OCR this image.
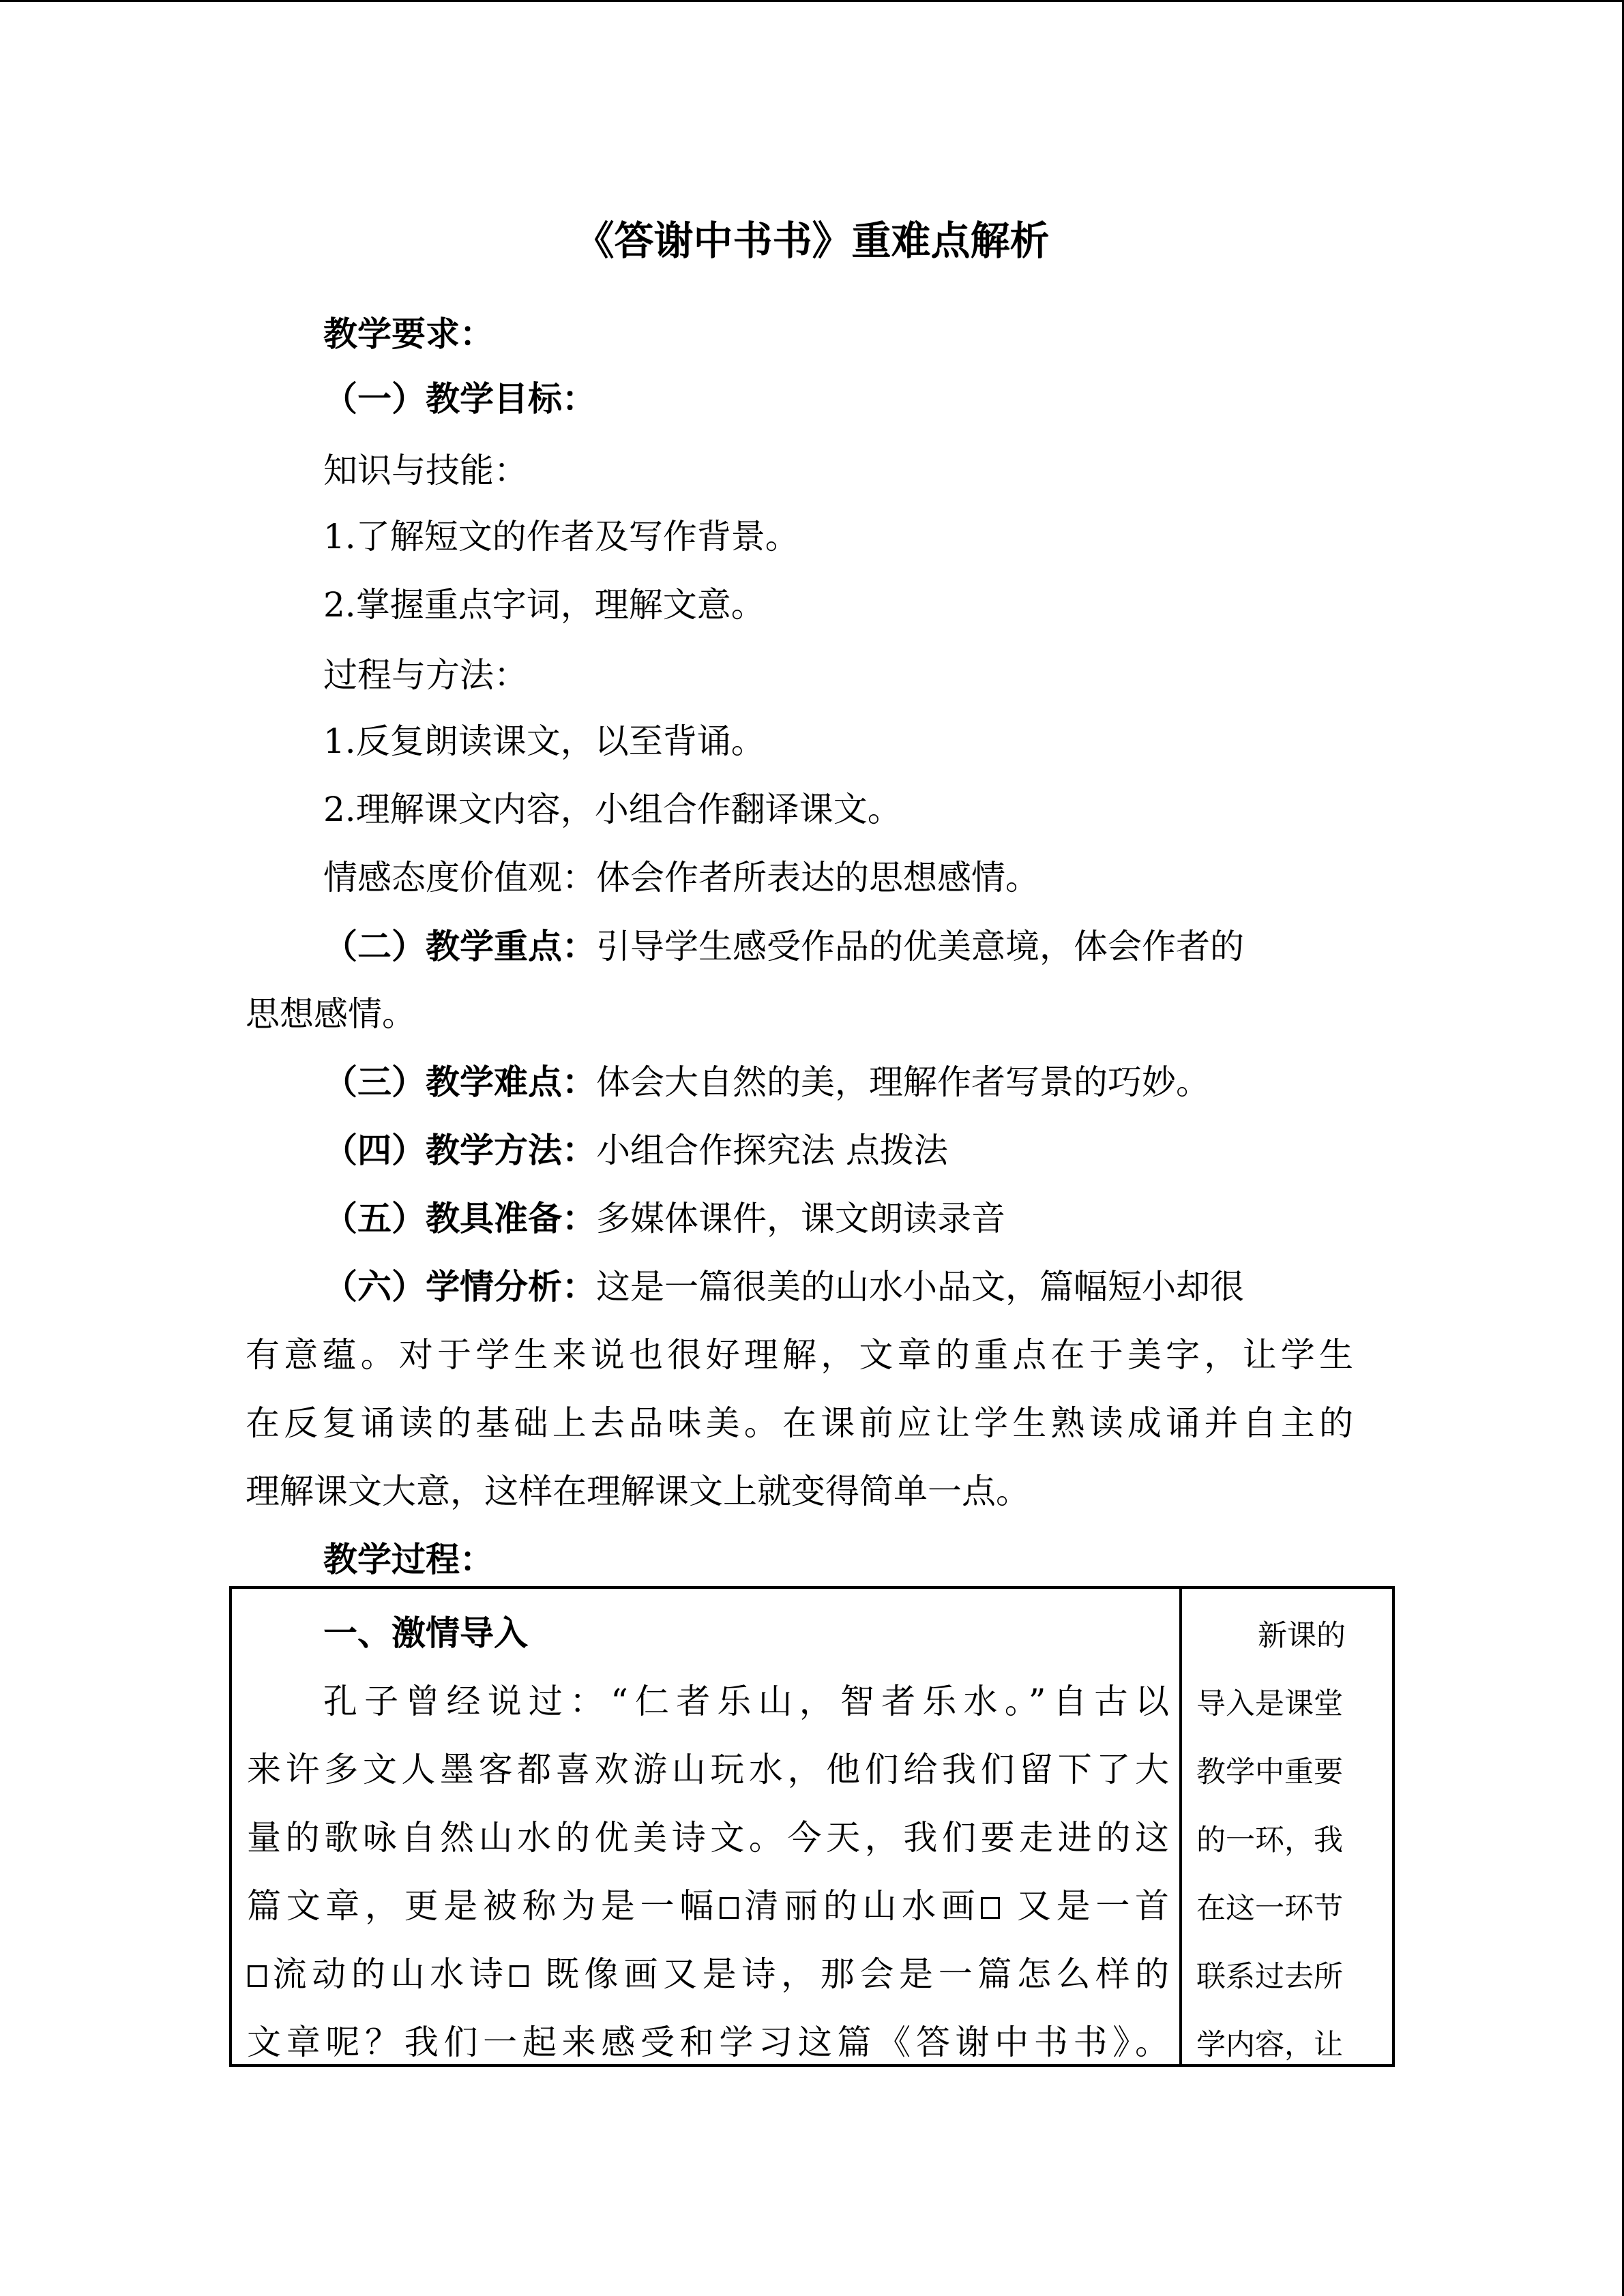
《答谢中书书》重难点解析
教学要求：
（一）教学目标：
知识与技能：
1.了解短文的作者及写作背景。
2.掌握重点字词，理解文意。
过程与方法：
1.反复朗读课文，以至背诵。
2.理解课文内容，小组合作翻译课文。
情感态度价值观：体会作者所表达的思想感情。
（二）教学重点：引导学生感受作品的优美意境，体会作者的
思想感情。
（三）教学难点：体会大自然的美，理解作者写景的巧妙。
（四）教学方法：小组合作探究法 点拨法
（五）教具准备：多媒体课件，课文朗读录音
（六）学情分析：这是一篇很美的山水小品文，篇幅短小却很
有意蕴。对于学生来说也很好理解，文章的重点在于美字，让学生
在反复诵读的基础上去品味美。在课前应让学生熟读成诵并自主的
理解课文大意，这样在理解课文上就变得简单一点。
教学过程：
一、激情导入
孔子曾经说过：“仁者乐山，智者乐水。”自古以
来许多文人墨客都喜欢游山玩水，他们给我们留下了大
量的歌咏自然山水的优美诗文。今天，我们要走进的这
篇文章，更是被称为是一幅 清丽的山水画 又是一首
流动的山水诗 既像画又是诗，那会是一篇怎么样的
文章呢？我们一起来感受和学习这篇《答谢中书书》。
新课的
导入是课堂
教学中重要
的一环，我
在这一环节
联系过去所
学内容，让
